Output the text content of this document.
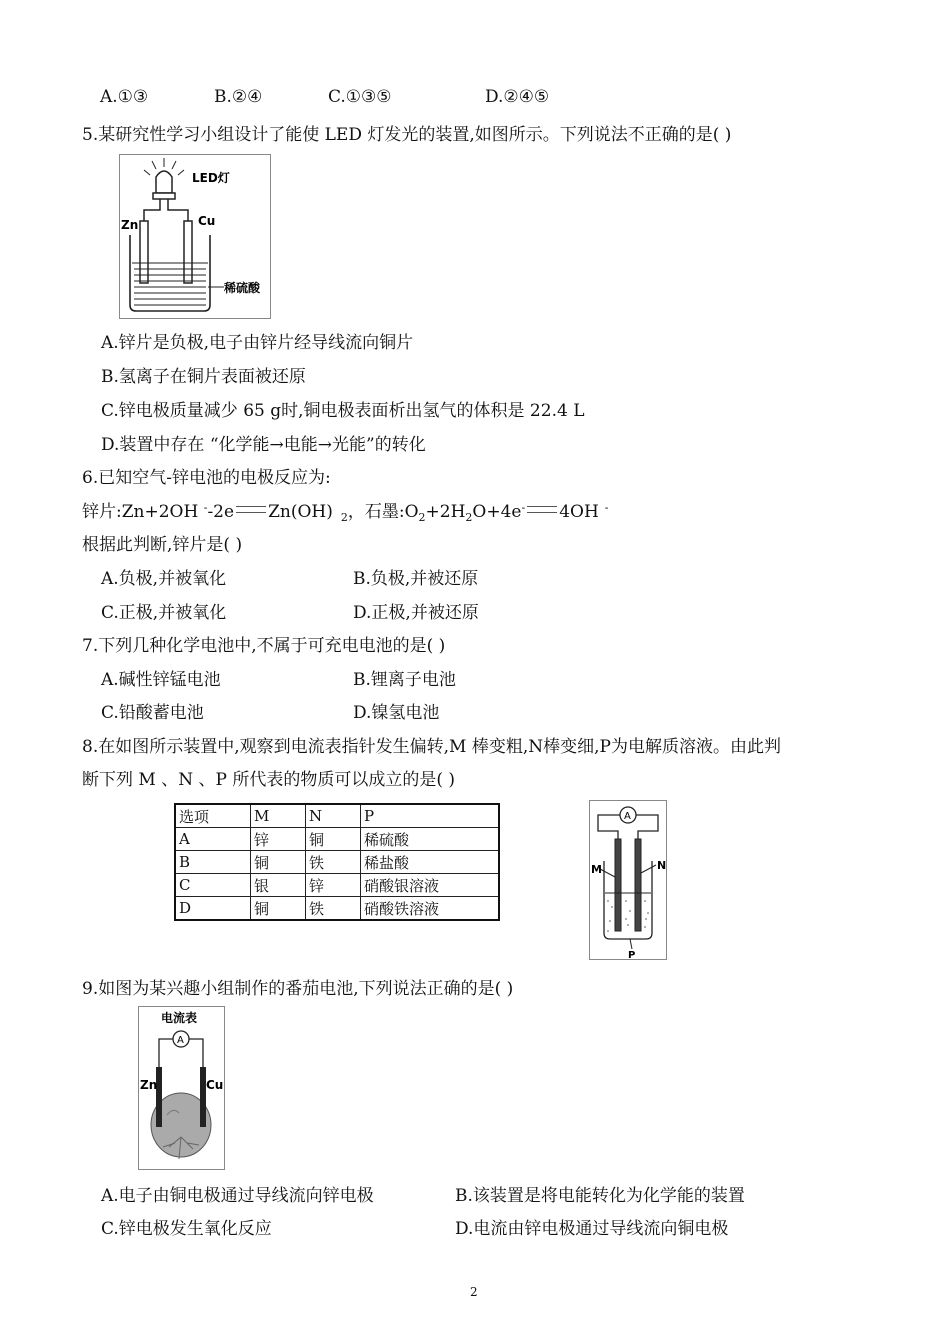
A.①③	B.②④	C.①③⑤	D.②④⑤
5.某研究性学习小组设计了能使 LED 灯发光的装置,如图所示。下列说法不正确的是( )
LED灯
Zn	Cu
稀硫酸
A.锌片是负极,电子由锌片经导线流向铜片
B.氢离子在铜片表面被还原
C.锌电极质量减少 65 g时,铜电极表面析出氢气的体积是 22.4 L
D.装置中存在 “化学能→电能→光能”的转化
6.已知空气-锌电池的电极反应为:
锌片:Zn+2OH --2e Zn(OH) $_2$，石墨$:O_2+2H_2O+4e^-$ 4OH -
根据此判断,锌片是( )
A.负极,并被氧化	B.负极,并被还原
C.正极,并被氧化	D.正极,并被还原
7.下列几种化学电池中,不属于可充电电池的是( )
A.碱性锌锰电池	B.锂离子电池
C.铅酸蓄电池	D.镍氢电池
8.在如图所示装置中,观察到电流表指针发生偏转,M 棒变粗,N棒变细,P为电解质溶液。由此判
断下列 M 、N 、P 所代表的物质可以成立的是( )
选项	M	N	P
A	锌	铜	稀硫酸
B	铜	铁	稀盐酸
C	银	锌	硝酸银溶液
D	铜	铁	硝酸铁溶液
A
M	N
P
9.如图为某兴趣小组制作的番茄电池,下列说法正确的是( )
电流表
A
Zn	Cu
A.电子由铜电极通过导线流向锌电极	B.该装置是将电能转化为化学能的装置
C.锌电极发生氧化反应	D.电流由锌电极通过导线流向铜电极
2
